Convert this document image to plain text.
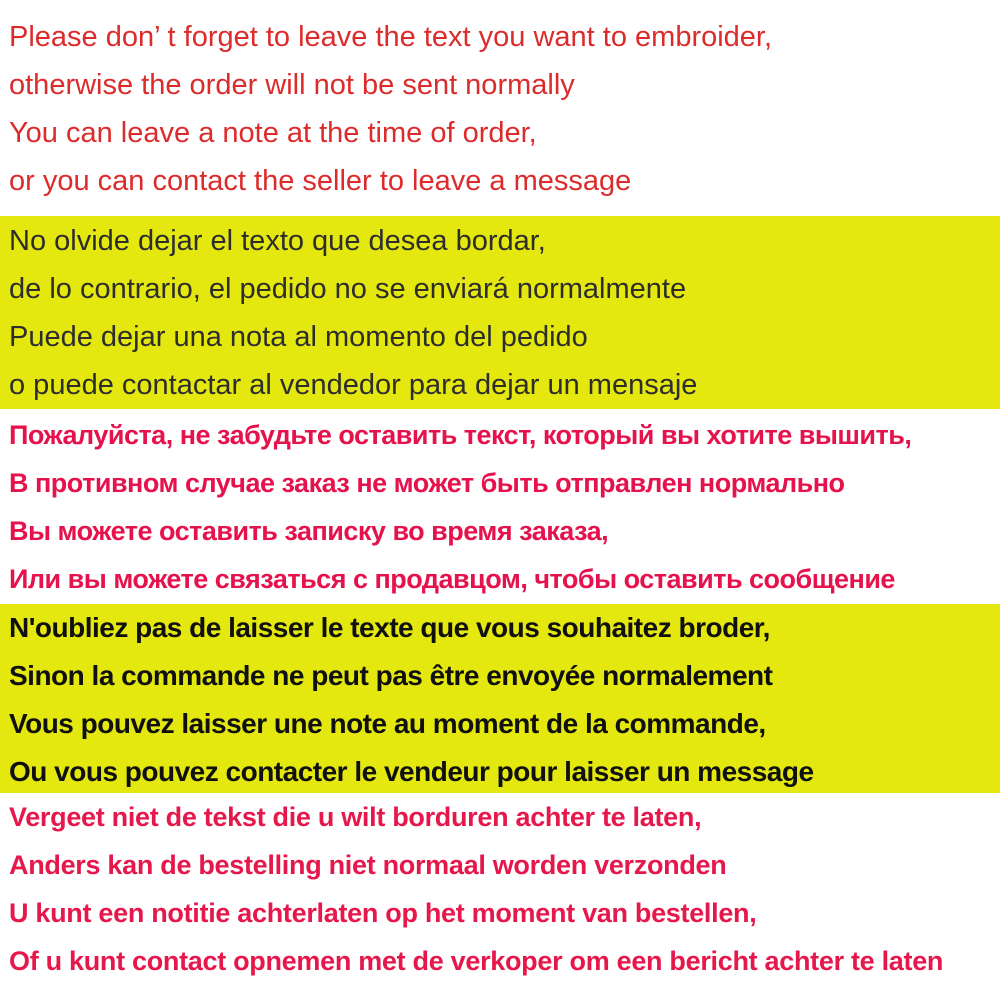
Please don’ t forget to leave the text you want to embroider,
otherwise the order will not be sent normally
You can leave a note at the time of order,
or you can contact the seller to leave a message
No olvide dejar el texto que desea bordar,
de lo contrario, el pedido no se enviará normalmente
Puede dejar una nota al momento del pedido
o puede contactar al vendedor para dejar un mensaje
Пожалуйста, не забудьте оставить текст, который вы хотите вышить,
В противном случае заказ не может быть отправлен нормально
Вы можете оставить записку во время заказа,
Или вы можете связаться с продавцом, чтобы оставить сообщение
N'oubliez pas de laisser le texte que vous souhaitez broder,
Sinon la commande ne peut pas être envoyée normalement
Vous pouvez laisser une note au moment de la commande,
Ou vous pouvez contacter le vendeur pour laisser un message
Vergeet niet de tekst die u wilt borduren achter te laten,
Anders kan de bestelling niet normaal worden verzonden
U kunt een notitie achterlaten op het moment van bestellen,
Of u kunt contact opnemen met de verkoper om een bericht achter te laten
